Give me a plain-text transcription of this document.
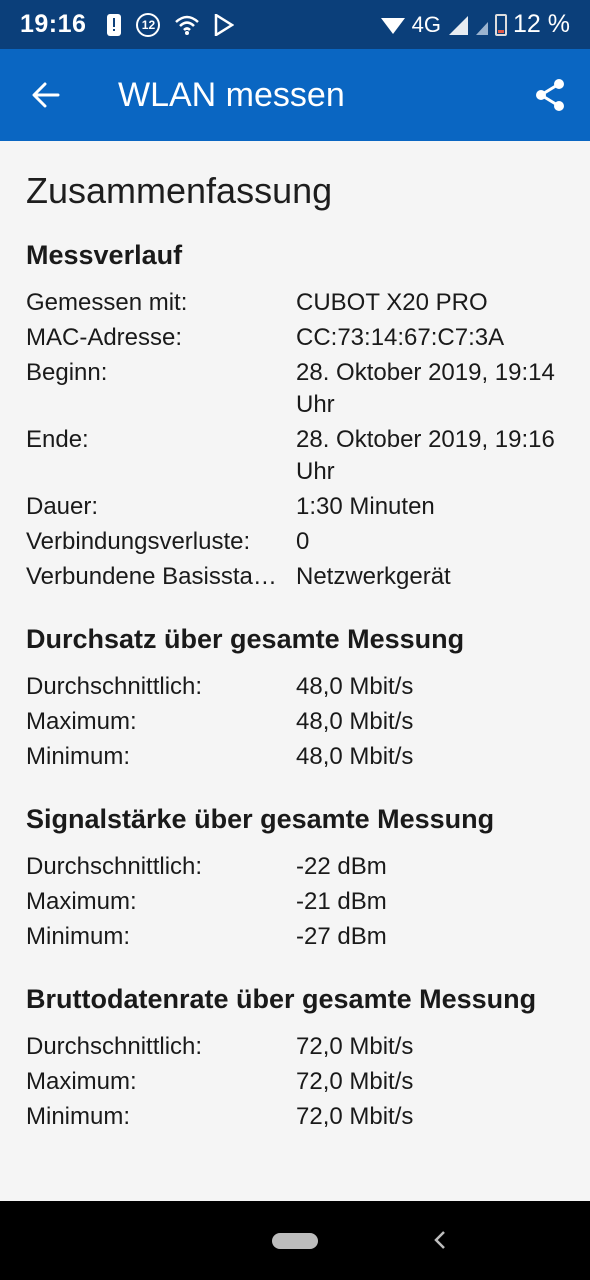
19:16	12	4G	12 %
WLAN messen
Zusammenfassung
Messverlauf
Gemessen mit:	CUBOT X20 PRO
MAC-Adresse:	CC:73:14:67:C7:3A
Beginn:	28. Oktober 2019, 19:14 Uhr
Ende:	28. Oktober 2019, 19:16 Uhr
Dauer:	1:30 Minuten
Verbindungsverluste:	0
Verbundene Basissta… Netzwerkgerät
Durchsatz über gesamte Messung
Durchschnittlich:	48,0 Mbit/s
Maximum:	48,0 Mbit/s
Minimum:	48,0 Mbit/s
Signalstärke über gesamte Messung
Durchschnittlich:	-22 dBm
Maximum:	-21 dBm
Minimum:	-27 dBm
Bruttodatenrate über gesamte Messung
Durchschnittlich:	72,0 Mbit/s
Maximum:	72,0 Mbit/s
Minimum:	72,0 Mbit/s
